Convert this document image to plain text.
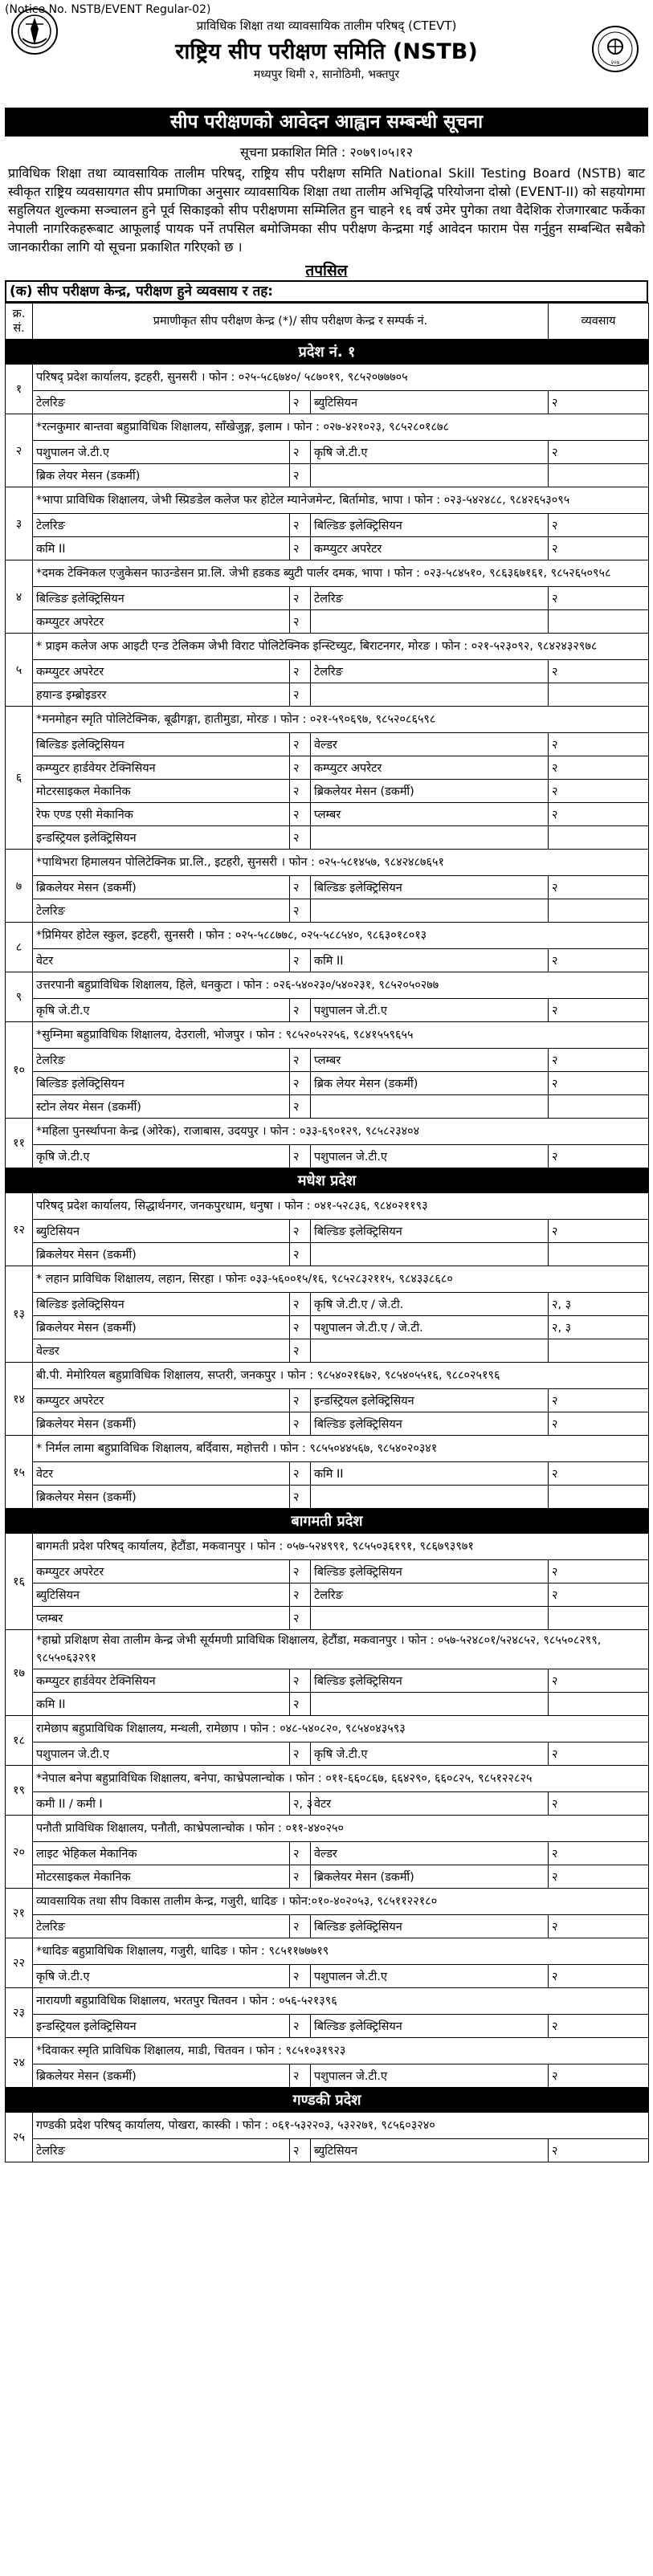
(Notice No. NSTB/EVENT Regular-02)
प्राविधिक शिक्षा तथा व्यावसायिक तालीम परिषद् (CTEVT)
राष्ट्रिय सीप परीक्षण समिति (NSTB)
मध्यपुर थिमी २, सानोठिमी, भक्तपुर
२०४
सीप परीक्षणको आवेदन आह्वान सम्बन्धी सूचना
सूचना प्रकाशित मिति : २०७९।०५।१२
प्राविधिक शिक्षा तथा व्यावसायिक तालीम परिषद्, राष्ट्रिय सीप परीक्षण समिति National Skill Testing Board (NSTB) बाट स्वीकृत राष्ट्रिय व्यवसायगत सीप प्रमाणिका अनुसार व्यावसायिक शिक्षा तथा तालीम अभिवृद्धि परियोजना दोस्रो (EVENT-II) को सहयोगमा सहुलियत शुल्कमा सञ्चालन हुने पूर्व सिकाइको सीप परीक्षणमा सम्मिलित हुन चाहने १६ वर्ष उमेर पुगेका तथा वैदेशिक रोजगारबाट फर्केका नेपाली नागरिकहरूबाट आफूलाई पायक पर्ने तपसिल बमोजिमका सीप परीक्षण केन्द्रमा गई आवेदन फाराम पेस गर्नुहुन सम्बन्धित सबैको जानकारीका लागि यो सूचना प्रकाशित गरिएको छ ।
तपसिल
(क) सीप परीक्षण केन्द्र, परीक्षण हुने व्यवसाय र तह:
क्र. सं.	प्रमाणीकृत सीप परीक्षण केन्द्र (*)/ सीप परीक्षण केन्द्र र सम्पर्क नं.			व्यवसाय
प्रदेश नं. १				
१	परिषद् प्रदेश कार्यालय, इटहरी, सुनसरी । फोन : ०२५-५८६७४०/ ५८७०१९, ९८५२०७७७०५			
	टेलरिङ	२	ब्युटिसियन	२
२	*रत्नकुमार बान्तवा बहुप्राविधिक शिक्षालय, साँखेजुङ्ग, इलाम । फोन : ०२७-४२१०२३, ९८५२८०१८७८			
	पशुपालन जे.टी.ए	२	कृषि जे.टी.ए	२
	ब्रिक लेयर मेसन (डकर्मी)	२		
३	*भापा प्राविधिक शिक्षालय, जेभी स्प्रिङडेल कलेज फर होटेल म्यानेजमेन्ट, बिर्तामोड, भापा । फोन : ०२३-५४२४८८, ९८४२६५३०९५			
	टेलरिङ	२	बिल्डिङ इलेक्ट्रिसियन	२
	कमि II	२	कम्प्युटर अपरेटर	२
४	*दमक टेक्निकल एजुकेसन फाउन्डेसन प्रा.लि. जेभी हडकड ब्युटी पार्लर दमक, भापा । फोन : ०२३-५८४५१०, ९८६३६७१६१, ९८५२६५०९५८			
	बिल्डिङ इलेक्ट्रिसियन	२	टेलरिङ	२
	कम्प्युटर अपरेटर	२		
५	* प्राइम कलेज अफ आइटी एन्ड टेलिकम जेभी विराट पोलिटेक्निक इन्स्टिच्युट, बिराटनगर, मोरङ । फोन : ०२१-५२३०९२, ९८४२४३२९७८			
	कम्प्युटर अपरेटर	२	टेलरिङ	२
	हयान्ड इम्ब्रोइडरर	२		
६	*मनमोहन स्मृति पोलिटेक्निक, बूढीगङ्गा, हातीमुडा, मोरङ । फोन : ०२१-५९०६९७, ९८५२०८६५९८			
	बिल्डिङ इलेक्ट्रिसियन	२	वेल्डर	२
	कम्प्युटर हार्डवेयर टेक्निसियन	२	कम्प्युटर अपरेटर	२
	मोटरसाइकल मेकानिक	२	ब्रिकलेयर मेसन (डकर्मी)	२
	रेफ एण्ड एसी मेकानिक	२	प्लम्बर	२
	इन्डस्ट्रियल इलेक्ट्रिसियन	२		
७	*पाथिभरा हिमालयन पोलिटेक्निक प्रा.लि., इटहरी, सुनसरी । फोन : ०२५-५८१४५७, ९८४२४८७६५१			
	ब्रिकलेयर मेसन (डकर्मी)	२	बिल्डिङ इलेक्ट्रिसियन	२
	टेलरिङ	२		
८	*प्रिमियर होटेल स्कुल, इटहरी, सुनसरी । फोन : ०२५-५८८७७८, ०२५-५८८५४०, ९८६३०१८०१३			
	वेटर	२	कमि II	२
९	उत्तरपानी बहुप्राविधिक शिक्षालय, हिले, धनकुटा । फोन : ०२६-५४०२३०/५४०२३१, ९८५२०५०२७७			
	कृषि जे.टी.ए	२	पशुपालन जे.टी.ए	२
१०	*सुम्निमा बहुप्राविधिक शिक्षालय, देउराली, भोजपुर । फोन : ९८५२०५२२५६, ९८४१५५९६५५			
	टेलरिङ	२	प्लम्बर	२
	बिल्डिङ इलेक्ट्रिसियन	२	ब्रिक लेयर मेसन (डकर्मी)	२
	स्टोन लेयर मेसन (डकर्मी)	२		
११	*महिला पुनर्स्थापना केन्द्र (ओरेक), राजाबास, उदयपुर । फोन : ०३३-६९०१२९, ९८५८२३४०४			
	कृषि जे.टी.ए	२	पशुपालन जे.टी.ए	२
मधेश प्रदेश				
१२	परिषद् प्रदेश कार्यालय, सिद्धार्थनगर, जनकपुरधाम, धनुषा । फोन : ०४१-५२८३६, ९८४०२११९३			
	ब्युटिसियन	२	बिल्डिङ इलेक्ट्रिसियन	२
	ब्रिकलेयर मेसन (डकर्मी)	२		
१३	* लहान प्राविधिक शिक्षालय, लहान, सिरहा । फोनः ०३३-५६००१५/१६, ९८५२८३२११५, ९८४३३८६८०			
	बिल्डिङ इलेक्ट्रिसियन	२	कृषि जे.टी.ए / जे.टी.	२, ३
	ब्रिकलेयर मेसन (डकर्मी)	२	पशुपालन जे.टी.ए / जे.टी.	२, ३
	वेल्डर	२		
१४	बी.पी. मेमोरियल बहुप्राविधिक शिक्षालय, सप्तरी, जनकपुर । फोन : ९८५४०२१६७२, ९८५४०५५१६, ९८८०२५१९६			
	कम्प्युटर अपरेटर	२	इन्डस्ट्रियल इलेक्ट्रिसियन	२
	ब्रिकलेयर मेसन (डकर्मी)	२	बिल्डिङ इलेक्ट्रिसियन	२
१५	* निर्मल लामा बहुप्राविधिक शिक्षालय, बर्दिवास, महोत्तरी । फोन : ९८५५०४४५६७, ९८५४०२०३४१			
	वेटर	२	कमि II	२
	ब्रिकलेयर मेसन (डकर्मी)	२		
बागमती प्रदेश				
१६	बागमती प्रदेश परिषद् कार्यालय, हेटौंडा, मकवानपुर । फोन : ०५७-५२४९९१, ९८५५०३६१९१, ९८६७९३९७१			
	कम्प्युटर अपरेटर	२	बिल्डिङ इलेक्ट्रिसियन	२
	ब्युटिसियन	२	टेलरिङ	२
	प्लम्बर	२		
१७	*हाम्रो प्रशिक्षण सेवा तालीम केन्द्र जेभी सूर्यमणी प्राविधिक शिक्षालय, हेटौंडा, मकवानपुर । फोन : ०५७-५२४८०१/५२४८५२, ९८५५०८२९९, ९८५५०६३२९१			
	कम्प्युटर हार्डवेयर टेक्निसियन	२	बिल्डिङ इलेक्ट्रिसियन	२
	कमि II	२		
१८	रामेछाप बहुप्राविधिक शिक्षालय, मन्थली, रामेछाप । फोन : ०४८-५४०८२०, ९८५४०४३५९३			
	पशुपालन जे.टी.ए	२	कृषि जे.टी.ए	२
१९	*नेपाल बनेपा बहुप्राविधिक शिक्षालय, बनेपा, काभ्रेपलान्चोक । फोन : ०११-६६०८६७, ६६४२९०, ६६०८२५, ९८५१२२८२५			
	कमी II / कमी I	२, ३	वेटर	२
२०	पनौती प्राविधिक शिक्षालय, पनौती, काभ्रेपलान्चोक । फोन : ०११-४४०२५०			
	लाइट भेहिकल मेकानिक	२	वेल्डर	२
	मोटरसाइकल मेकानिक	२	ब्रिकलेयर मेसन (डकर्मी)	२
२१	व्यावसायिक तथा सीप विकास तालीम केन्द्र, गजुरी, धादिङ । फोन:०१०-४०२०५३, ९८५११२२१८०			
	टेलरिङ	२	बिल्डिङ इलेक्ट्रिसियन	२
२२	*धादिङ बहुप्राविधिक शिक्षालय, गजुरी, धादिङ । फोन : ९८५११७७७१९			
	कृषि जे.टी.ए	२	पशुपालन जे.टी.ए	२
२३	नारायणी बहुप्राविधिक शिक्षालय, भरतपुर चितवन । फोन : ०५६-५२१३९६			
	इन्डस्ट्रियल इलेक्ट्रिसियन	२	बिल्डिङ इलेक्ट्रिसियन	२
२४	*दिवाकर स्मृति प्राविधिक शिक्षालय, माडी, चितवन । फोन : ९८५१०३१९२३			
	ब्रिकलेयर मेसन (डकर्मी)	२	पशुपालन जे.टी.ए	२
गण्डकी प्रदेश				
२५	गण्डकी प्रदेश परिषद् कार्यालय, पोखरा, कास्की । फोन : ०६१-५३२२०३, ५३२२७१, ९८५६०३२४०			
	टेलरिङ	२	ब्युटिसियन	२
